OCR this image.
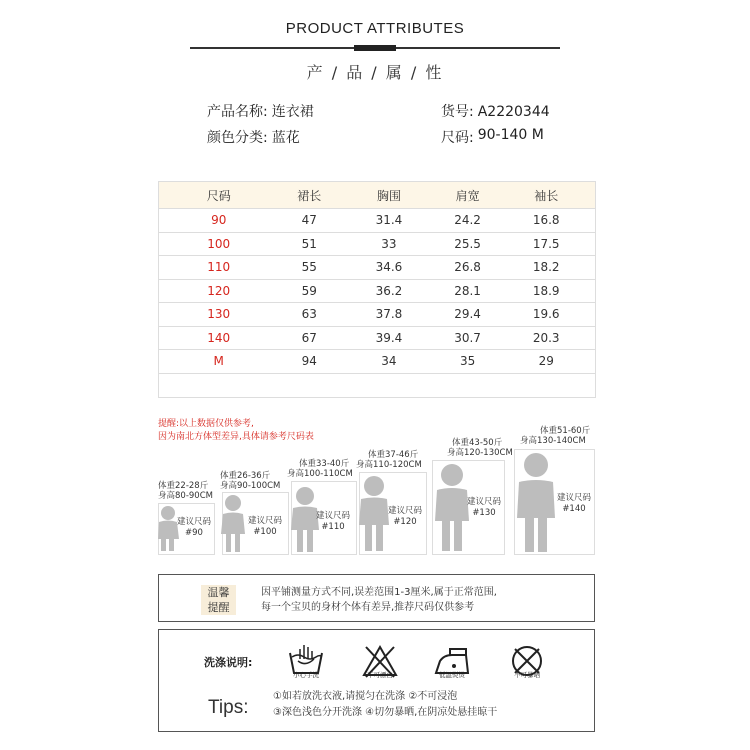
PRODUCT ATTRIBUTES
产 / 品 / 属 / 性
产品名称: 连衣裙	货号: A2220344
颜色分类: 蓝花	尺码: 90-140 M
尺码	裙长	胸围	肩宽	袖长
90	47	31.4	24.2	16.8
100	51	33	25.5	17.5
110	55	34.6	26.8	18.2
120	59	36.2	28.1	18.9
130	63	37.8	29.4	19.6
140	67	39.4	30.7	20.3
M	94	34	35	29
提醒:以上数据仅供参考,
因为南北方体型差异,具体请参考尺码表
体重22-28斤
身高80-90CM
建议尺码
#90
体重26-36斤
身高90-100CM
建议尺码
#100
体重33-40斤
身高100-110CM
建议尺码
#110
体重37-46斤
身高110-120CM
建议尺码
#120
体重43-50斤
身高120-130CM
建议尺码
#130
体重51-60斤
身高130-140CM
建议尺码
#140
温馨
提醒
因平铺测量方式不同,误差范围1-3厘米,属于正常范围,
每一个宝贝的身材个体有差异,推荐尺码仅供参考
洗涤说明:
小心手洗	不可漂白	低温熨烫	不可暴晒
Tips:
①如若放洗衣液,请搅匀在洗涤 ②不可浸泡
③深色浅色分开洗涤 ④切勿暴晒,在阴凉处悬挂晾干
